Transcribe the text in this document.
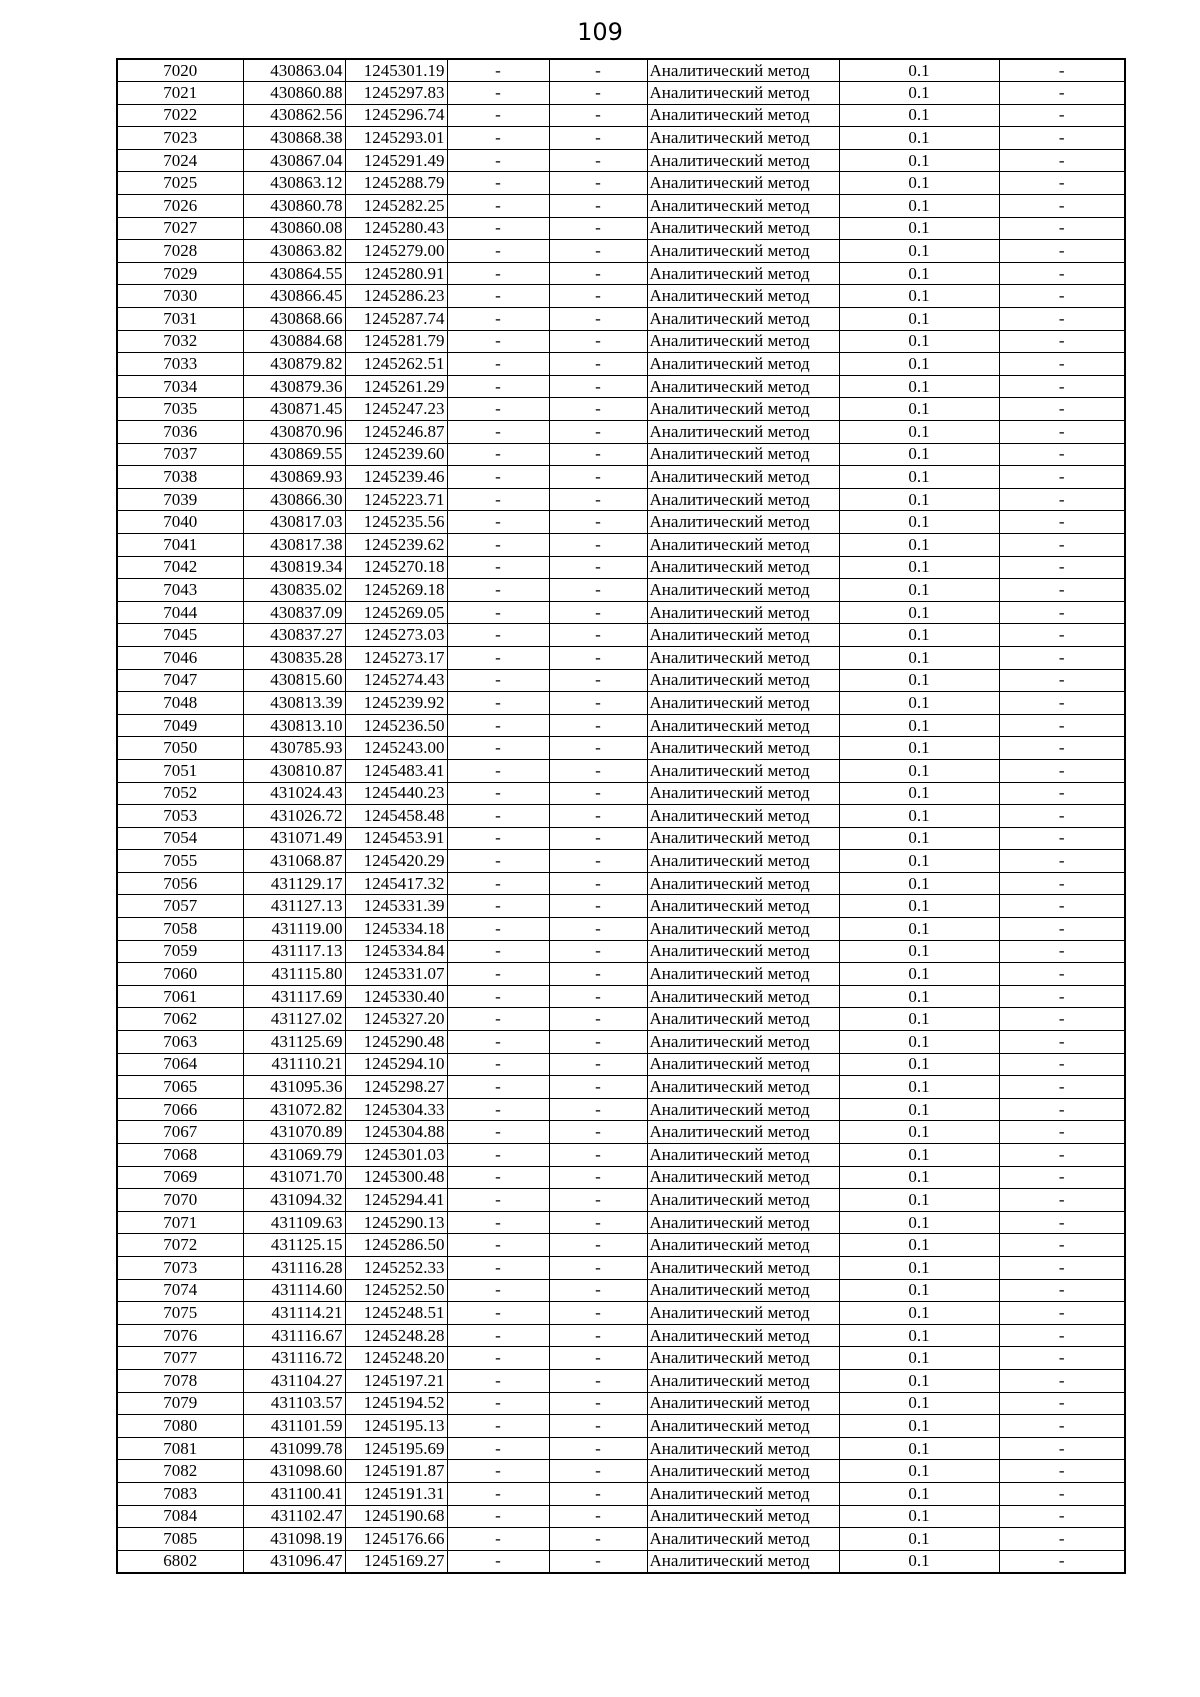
109
7020	430863.04	1245301.19	-	-	Аналитический метод	0.1	-
7021	430860.88	1245297.83	-	-	Аналитический метод	0.1	-
7022	430862.56	1245296.74	-	-	Аналитический метод	0.1	-
7023	430868.38	1245293.01	-	-	Аналитический метод	0.1	-
7024	430867.04	1245291.49	-	-	Аналитический метод	0.1	-
7025	430863.12	1245288.79	-	-	Аналитический метод	0.1	-
7026	430860.78	1245282.25	-	-	Аналитический метод	0.1	-
7027	430860.08	1245280.43	-	-	Аналитический метод	0.1	-
7028	430863.82	1245279.00	-	-	Аналитический метод	0.1	-
7029	430864.55	1245280.91	-	-	Аналитический метод	0.1	-
7030	430866.45	1245286.23	-	-	Аналитический метод	0.1	-
7031	430868.66	1245287.74	-	-	Аналитический метод	0.1	-
7032	430884.68	1245281.79	-	-	Аналитический метод	0.1	-
7033	430879.82	1245262.51	-	-	Аналитический метод	0.1	-
7034	430879.36	1245261.29	-	-	Аналитический метод	0.1	-
7035	430871.45	1245247.23	-	-	Аналитический метод	0.1	-
7036	430870.96	1245246.87	-	-	Аналитический метод	0.1	-
7037	430869.55	1245239.60	-	-	Аналитический метод	0.1	-
7038	430869.93	1245239.46	-	-	Аналитический метод	0.1	-
7039	430866.30	1245223.71	-	-	Аналитический метод	0.1	-
7040	430817.03	1245235.56	-	-	Аналитический метод	0.1	-
7041	430817.38	1245239.62	-	-	Аналитический метод	0.1	-
7042	430819.34	1245270.18	-	-	Аналитический метод	0.1	-
7043	430835.02	1245269.18	-	-	Аналитический метод	0.1	-
7044	430837.09	1245269.05	-	-	Аналитический метод	0.1	-
7045	430837.27	1245273.03	-	-	Аналитический метод	0.1	-
7046	430835.28	1245273.17	-	-	Аналитический метод	0.1	-
7047	430815.60	1245274.43	-	-	Аналитический метод	0.1	-
7048	430813.39	1245239.92	-	-	Аналитический метод	0.1	-
7049	430813.10	1245236.50	-	-	Аналитический метод	0.1	-
7050	430785.93	1245243.00	-	-	Аналитический метод	0.1	-
7051	430810.87	1245483.41	-	-	Аналитический метод	0.1	-
7052	431024.43	1245440.23	-	-	Аналитический метод	0.1	-
7053	431026.72	1245458.48	-	-	Аналитический метод	0.1	-
7054	431071.49	1245453.91	-	-	Аналитический метод	0.1	-
7055	431068.87	1245420.29	-	-	Аналитический метод	0.1	-
7056	431129.17	1245417.32	-	-	Аналитический метод	0.1	-
7057	431127.13	1245331.39	-	-	Аналитический метод	0.1	-
7058	431119.00	1245334.18	-	-	Аналитический метод	0.1	-
7059	431117.13	1245334.84	-	-	Аналитический метод	0.1	-
7060	431115.80	1245331.07	-	-	Аналитический метод	0.1	-
7061	431117.69	1245330.40	-	-	Аналитический метод	0.1	-
7062	431127.02	1245327.20	-	-	Аналитический метод	0.1	-
7063	431125.69	1245290.48	-	-	Аналитический метод	0.1	-
7064	431110.21	1245294.10	-	-	Аналитический метод	0.1	-
7065	431095.36	1245298.27	-	-	Аналитический метод	0.1	-
7066	431072.82	1245304.33	-	-	Аналитический метод	0.1	-
7067	431070.89	1245304.88	-	-	Аналитический метод	0.1	-
7068	431069.79	1245301.03	-	-	Аналитический метод	0.1	-
7069	431071.70	1245300.48	-	-	Аналитический метод	0.1	-
7070	431094.32	1245294.41	-	-	Аналитический метод	0.1	-
7071	431109.63	1245290.13	-	-	Аналитический метод	0.1	-
7072	431125.15	1245286.50	-	-	Аналитический метод	0.1	-
7073	431116.28	1245252.33	-	-	Аналитический метод	0.1	-
7074	431114.60	1245252.50	-	-	Аналитический метод	0.1	-
7075	431114.21	1245248.51	-	-	Аналитический метод	0.1	-
7076	431116.67	1245248.28	-	-	Аналитический метод	0.1	-
7077	431116.72	1245248.20	-	-	Аналитический метод	0.1	-
7078	431104.27	1245197.21	-	-	Аналитический метод	0.1	-
7079	431103.57	1245194.52	-	-	Аналитический метод	0.1	-
7080	431101.59	1245195.13	-	-	Аналитический метод	0.1	-
7081	431099.78	1245195.69	-	-	Аналитический метод	0.1	-
7082	431098.60	1245191.87	-	-	Аналитический метод	0.1	-
7083	431100.41	1245191.31	-	-	Аналитический метод	0.1	-
7084	431102.47	1245190.68	-	-	Аналитический метод	0.1	-
7085	431098.19	1245176.66	-	-	Аналитический метод	0.1	-
6802	431096.47	1245169.27	-	-	Аналитический метод	0.1	-
